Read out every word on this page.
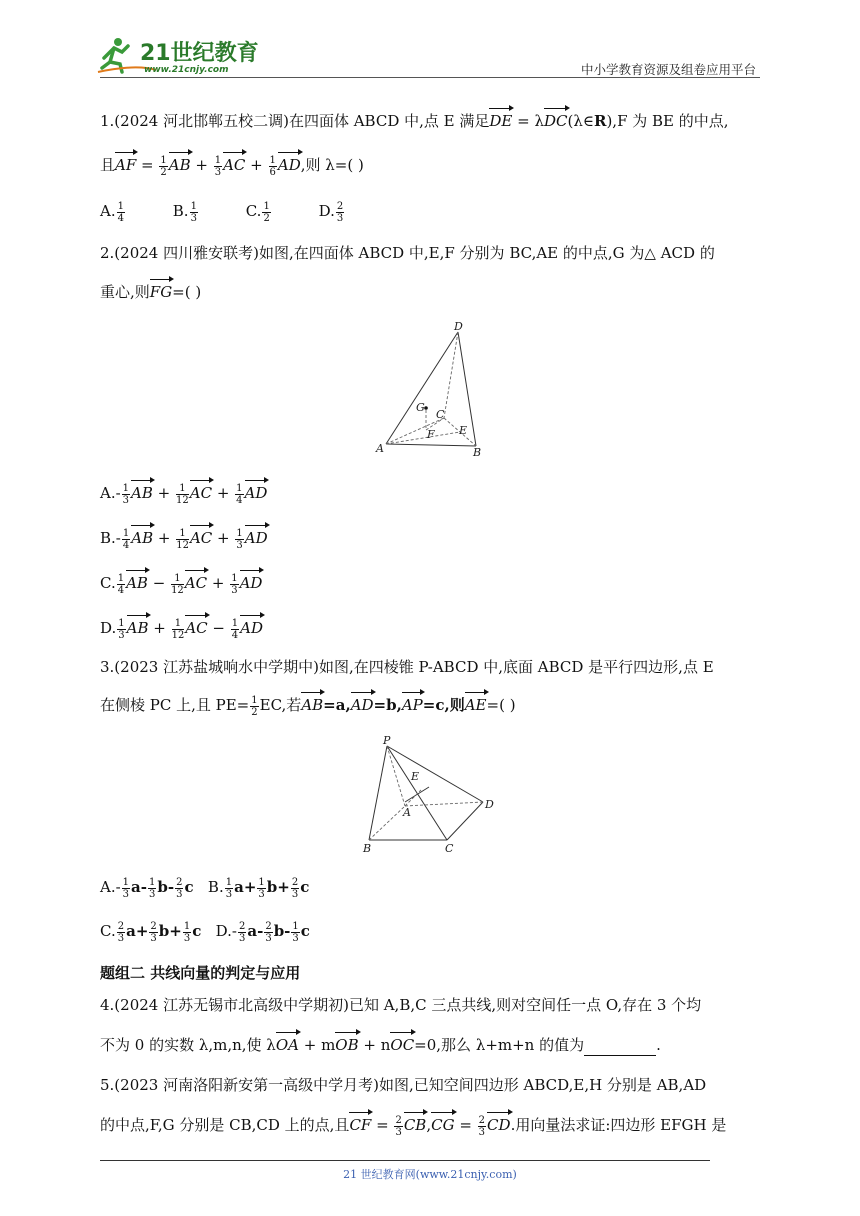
21世纪教育
www.21cnjy.com	中小学教育资源及组卷应用平台
1.(2024 河北邯郸五校二调)在四面体 ABCD 中,点 E 满足DE = λDC(λ∈R),F 为 BE 的中点,
且AF = $\frac{1}{2}$ AB + $\frac{1}{3}$ AC + $\frac{1}{6}$ AD,则 λ=( )
A. $\frac{1}{4}$	B. $\frac{1}{3}$	C. $\frac{1}{2}$	D. $\frac{2}{3}$
2.(2024 四川雅安联考)如图,在四面体 ABCD 中,E,F 分别为 BC,AE 的中点,G 为△ ACD 的
重心,则FG=( )
D
G
C
E
F
A	B
$A.- \frac{1}{3}$ AB + $\frac{1}{12}$ AC + $\frac{1}{4}$ AD
$B.- \frac{1}{4}$ AB + $\frac{1}{12}$ AC + $\frac{1}{3}$ AD
C. $\frac{1}{4}$ AB − $\frac{1}{12}$ AC + $\frac{1}{3}$ AD
D. $\frac{1}{3}$ AB + $\frac{1}{12}$ AC − $\frac{1}{4}$ AD
3.(2023 江苏盐城响水中学期中)如图,在四棱锥 P-ABCD 中,底面 ABCD 是平行四边形,点 E
在侧棱 PC 上,且 $PE= \frac{1}{2}$ EC,若AB=a,AD=b,AP=c,则AE=( )
P
E
D
A
B	C
$A.- \frac{1}{3} a- \frac{1}{3} b- \frac{2}{3}$ c B. $\frac{1}{3} a+ \frac{1}{3} b+ \frac{2}{3}$ c
C. $\frac{2}{3} a+ \frac{2}{3} b+ \frac{1}{3}$ c $D.- \frac{2}{3} a- \frac{2}{3} b- \frac{1}{3}$ c
题组二 共线向量的判定与应用
4.(2024 江苏无锡市北高级中学期初)已知 A,B,C 三点共线,则对空间任一点 O,存在 3 个均
不为 0 的实数 λ,m,n,使 λOA + mOB + nOC=0,那么 λ+m+n 的值为	.
5.(2023 河南洛阳新安第一高级中学月考)如图,已知空间四边形 ABCD,E,H 分别是 AB,AD
的中点,F,G 分别是 CB,CD 上的点,且CF = $\frac{2}{3} CB,CG = \frac{2}{3}$ CD.用向量法求证:四边形 EFGH 是
21 世纪教育网(www.21cnjy.com)
